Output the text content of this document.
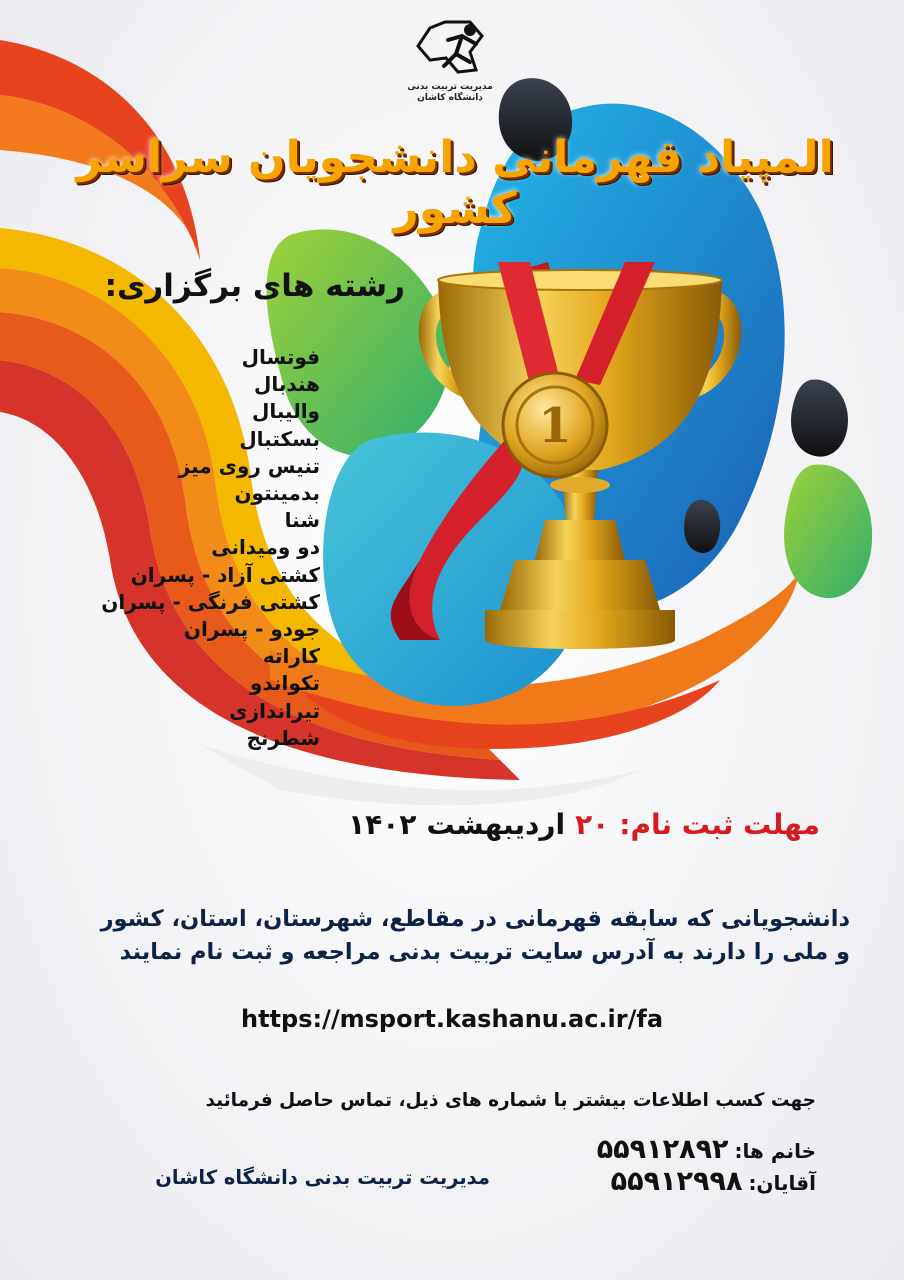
1
مدیریت تربیت بدنی
دانشگاه کاشان
المپیاد قهرمانی دانشجویان سراسر کشور
رشته های برگزاری:
فوتسال
هندبال
والیبال
بسکتبال
تنیس روی میز
بدمینتون
شنا
دو ومیدانی
کشتی آزاد - پسران
کشتی فرنگی - پسران
جودو - پسران
کاراته
تکواندو
تیراندازی
شطرنج
مهلت ثبت نام:۲۰اردیبهشت۱۴۰۲
دانشجویانی که سابقه قهرمانی در مقاطع، شهرستان، استان، کشور
و ملی را دارند به آدرس سایت تربیت بدنی مراجعه و ثبت نام نمایند
https://msport.kashanu.ac.ir/fa
جهت کسب اطلاعات بیشتر با شماره های ذیل، تماس حاصل فرمائید
خانم ها:۵۵۹۱۲۸۹۲
آقایان:۵۵۹۱۲۹۹۸
مدیریت تربیت بدنی دانشگاه کاشان
